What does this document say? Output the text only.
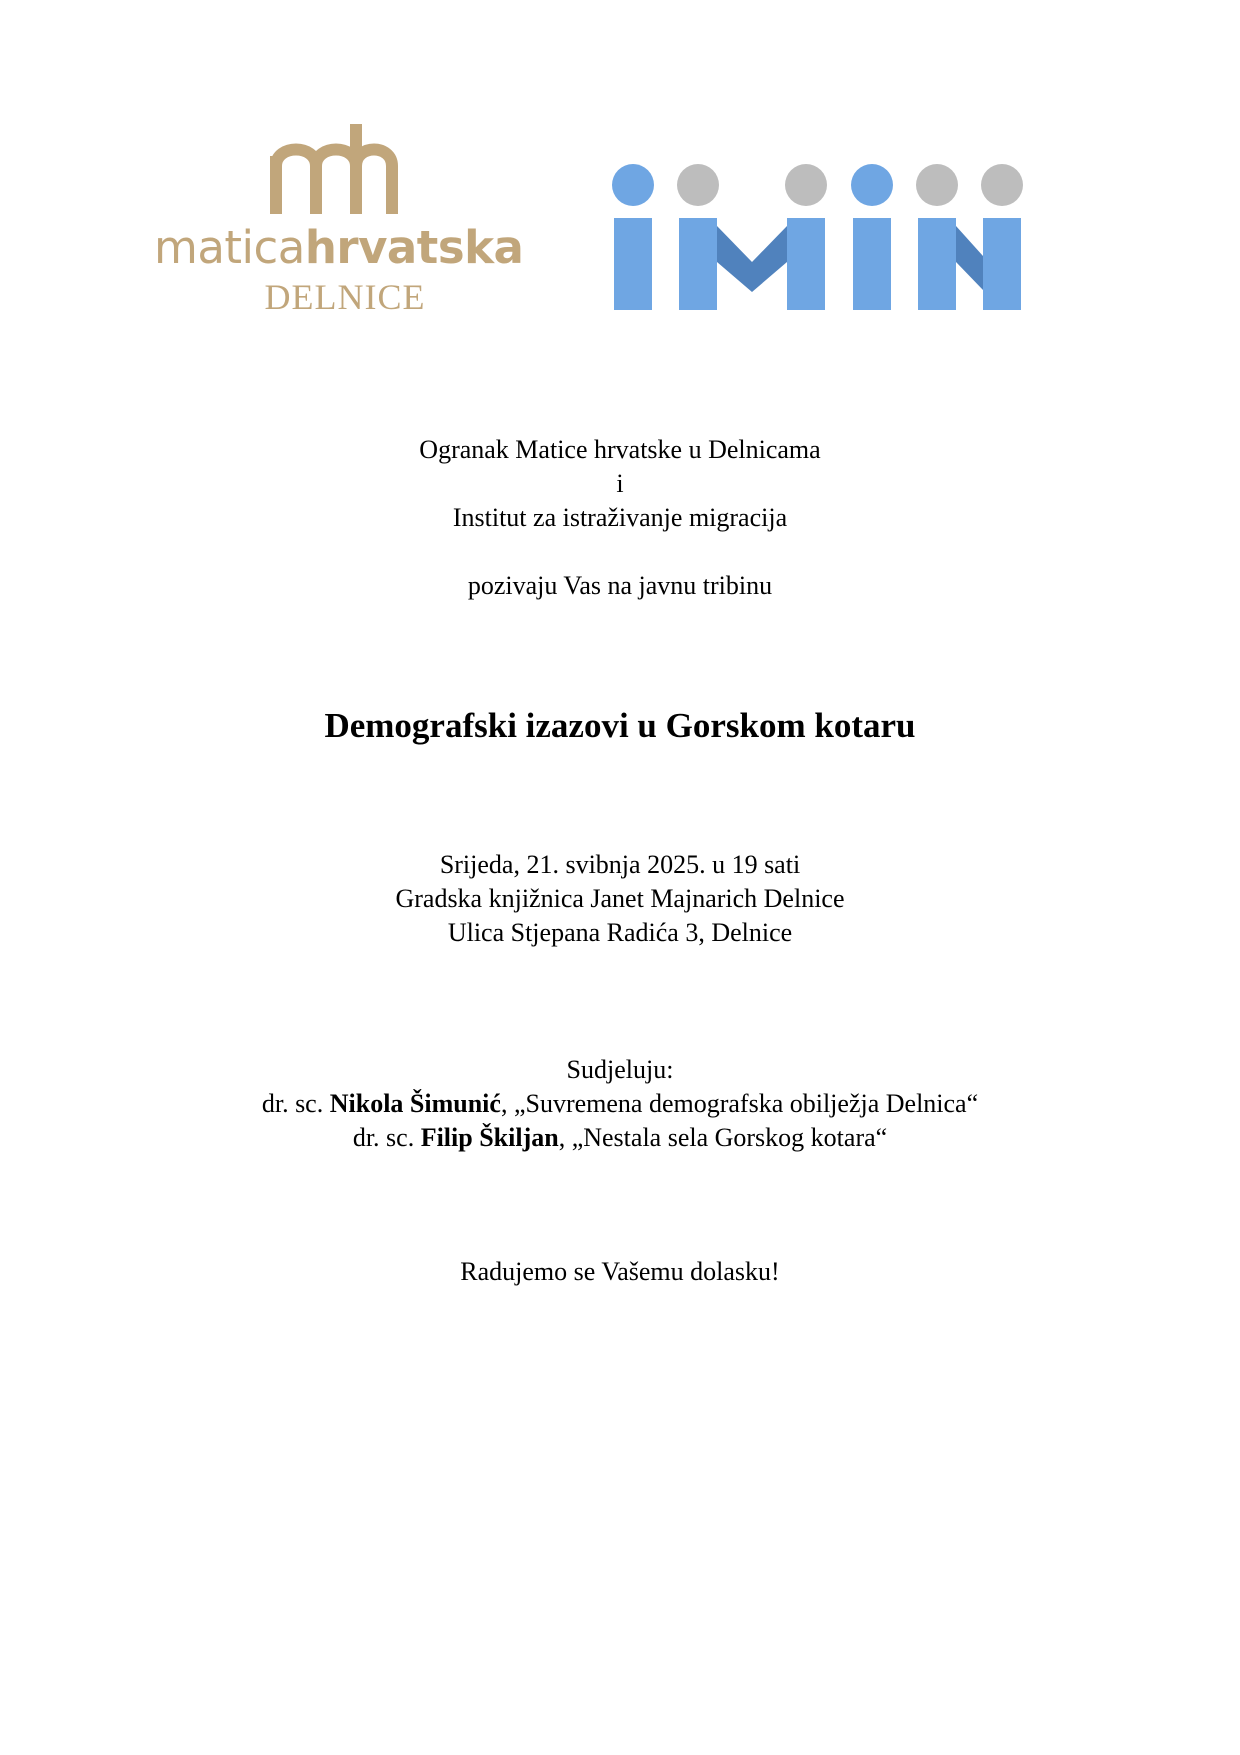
maticahrvatska
DELNICE
Ogranak Matice hrvatske u Delnicama
i
Institut za istraživanje migracija
pozivaju Vas na javnu tribinu
Demografski izazovi u Gorskom kotaru
Srijeda, 21. svibnja 2025. u 19 sati
Gradska knjižnica Janet Majnarich Delnice
Ulica Stjepana Radića 3, Delnice
Sudjeluju:
dr. sc. Nikola Šimunić, „Suvremena demografska obilježja Delnica“
dr. sc. Filip Škiljan, „Nestala sela Gorskog kotara“
Radujemo se Vašemu dolasku!
